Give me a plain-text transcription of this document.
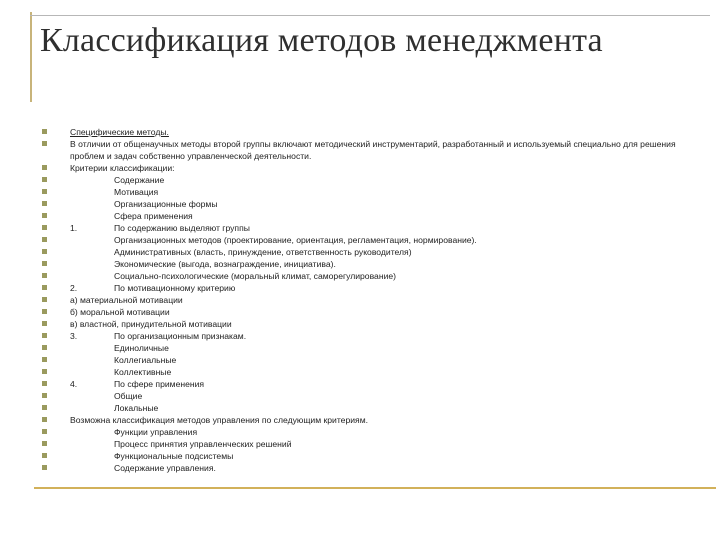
Классификация методов менеджмента
Специфические методы.
В отличии от общенаучных методы второй группы включают методический инструментарий, разработанный и используемый специально для решения проблем и задач собственно управленческой деятельности.
Критерии классификации:
Содержание
Мотивация
Организационные формы
Сфера применения
1.	По содержанию выделяют группы
Организационных методов (проектирование, ориентация, регламентация, нормирование).
Административных (власть, принуждение, ответственность руководителя)
Экономические (выгода, вознаграждение, инициатива).
Социально-психологические (моральный климат, саморегулирование)
2.	По мотивационному критерию
а) материальной мотивации
б) моральной мотивации
в) властной, принудительной мотивации
3.	По организационным признакам.
Единоличные
Коллегиальные
Коллективные
4.	По сфере применения
Общие
Локальные
Возможна классификация методов управления по следующим критериям.
Функции управления
Процесс принятия управленческих решений
Функциональные подсистемы
Содержание управления.
